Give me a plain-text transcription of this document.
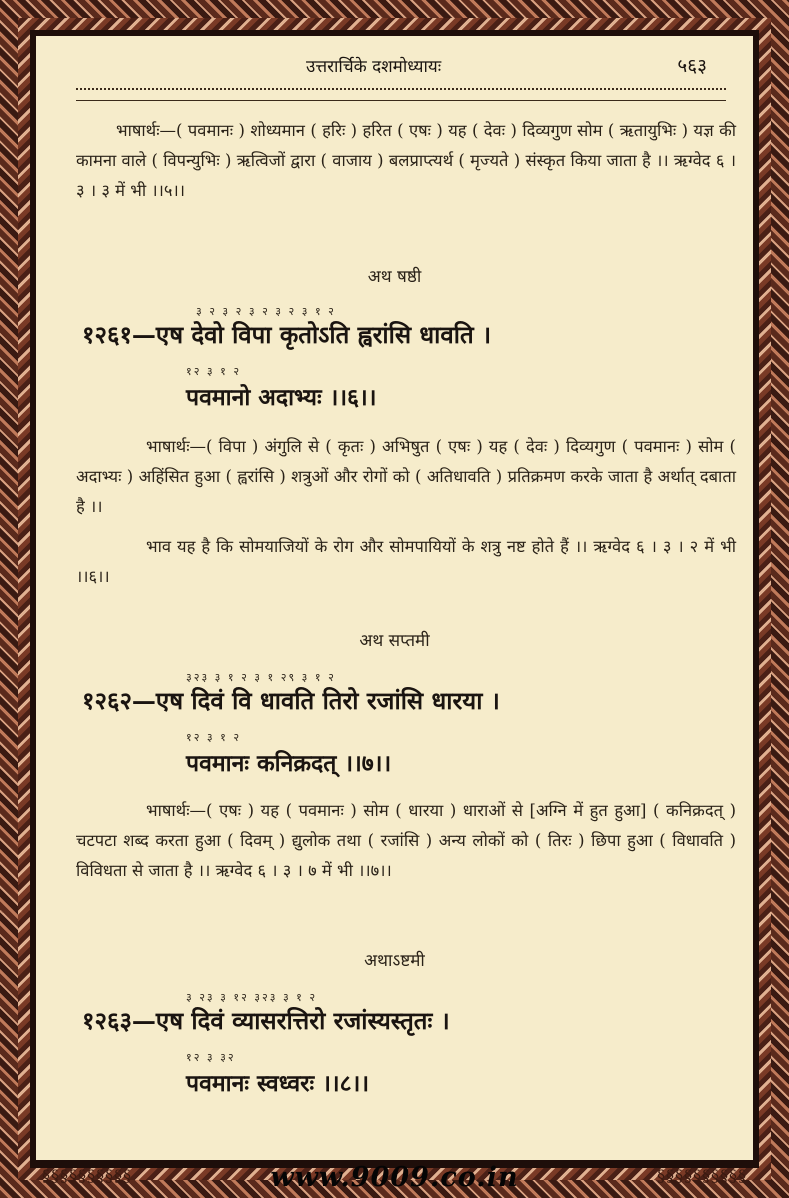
उत्तरार्चिके दशमोध्यायः	५६३
भाषार्थः—( पवमानः ) शोध्यमान ( हरिः ) हरित ( एषः ) यह ( देवः ) दिव्यगुण सोम ( ऋतायुभिः ) यज्ञ की कामना वाले ( विपन्युभिः ) ऋत्विजों द्वारा ( वाजाय ) बलप्राप्त्यर्थ ( मृज्यते ) संस्कृत किया जाता है ।। ऋग्वेद ६ । ३ । ३ में भी ।।५।।
अथ षष्ठी
३ २ ३ २ ३ २ ३ २ ३ १ २
१२६१—एष देवो विपा कृतोऽति ह्वरांसि धावति ।
१२ ३ १ २
पवमानो अदाभ्यः ।।६।।
भाषार्थः—( विपा ) अंगुलि से ( कृतः ) अभिषुत ( एषः ) यह ( देवः ) दिव्यगुण ( पवमानः ) सोम ( अदाभ्यः ) अहिंसित हुआ ( ह्वरांसि ) शत्रुओं और रोगों को ( अतिधावति ) प्रतिक्रमण करके जाता है अर्थात् दबाता है ।।
भाव यह है कि सोमयाजियों के रोग और सोमपायियों के शत्रु नष्ट होते हैं ।। ऋग्वेद ६ । ३ । २ में भी ।।६।।
अथ सप्तमी
३२३ ३ १ २ ३ १ २९ ३ १ २
१२६२—एष दिवं वि धावति तिरो रजांसि धारया ।
१२ ३ १ २
पवमानः कनिक्रदत् ।।७।।
भाषार्थः—( एषः ) यह ( पवमानः ) सोम ( धारया ) धाराओं से [अग्नि में हुत हुआ] ( कनिक्रदत् ) चटपटा शब्द करता हुआ ( दिवम् ) द्युलोक तथा ( रजांसि ) अन्य लोकों को ( तिरः ) छिपा हुआ ( विधावति ) विविधता से जाता है ।। ऋग्वेद ६ । ३ । ७ में भी ।।७।।
अथाऽष्टमी
३ २३ ३ १२ ३२३ ३ १ २
१२६३—एष दिवं व्यासरत्तिरो रजांस्यस्तृतः ।
१२ ३ ३२
पवमानः स्वध्वरः ।।८।।
§§§§§§§§§§	§§§§§§§§§§
www.9009.co.in
